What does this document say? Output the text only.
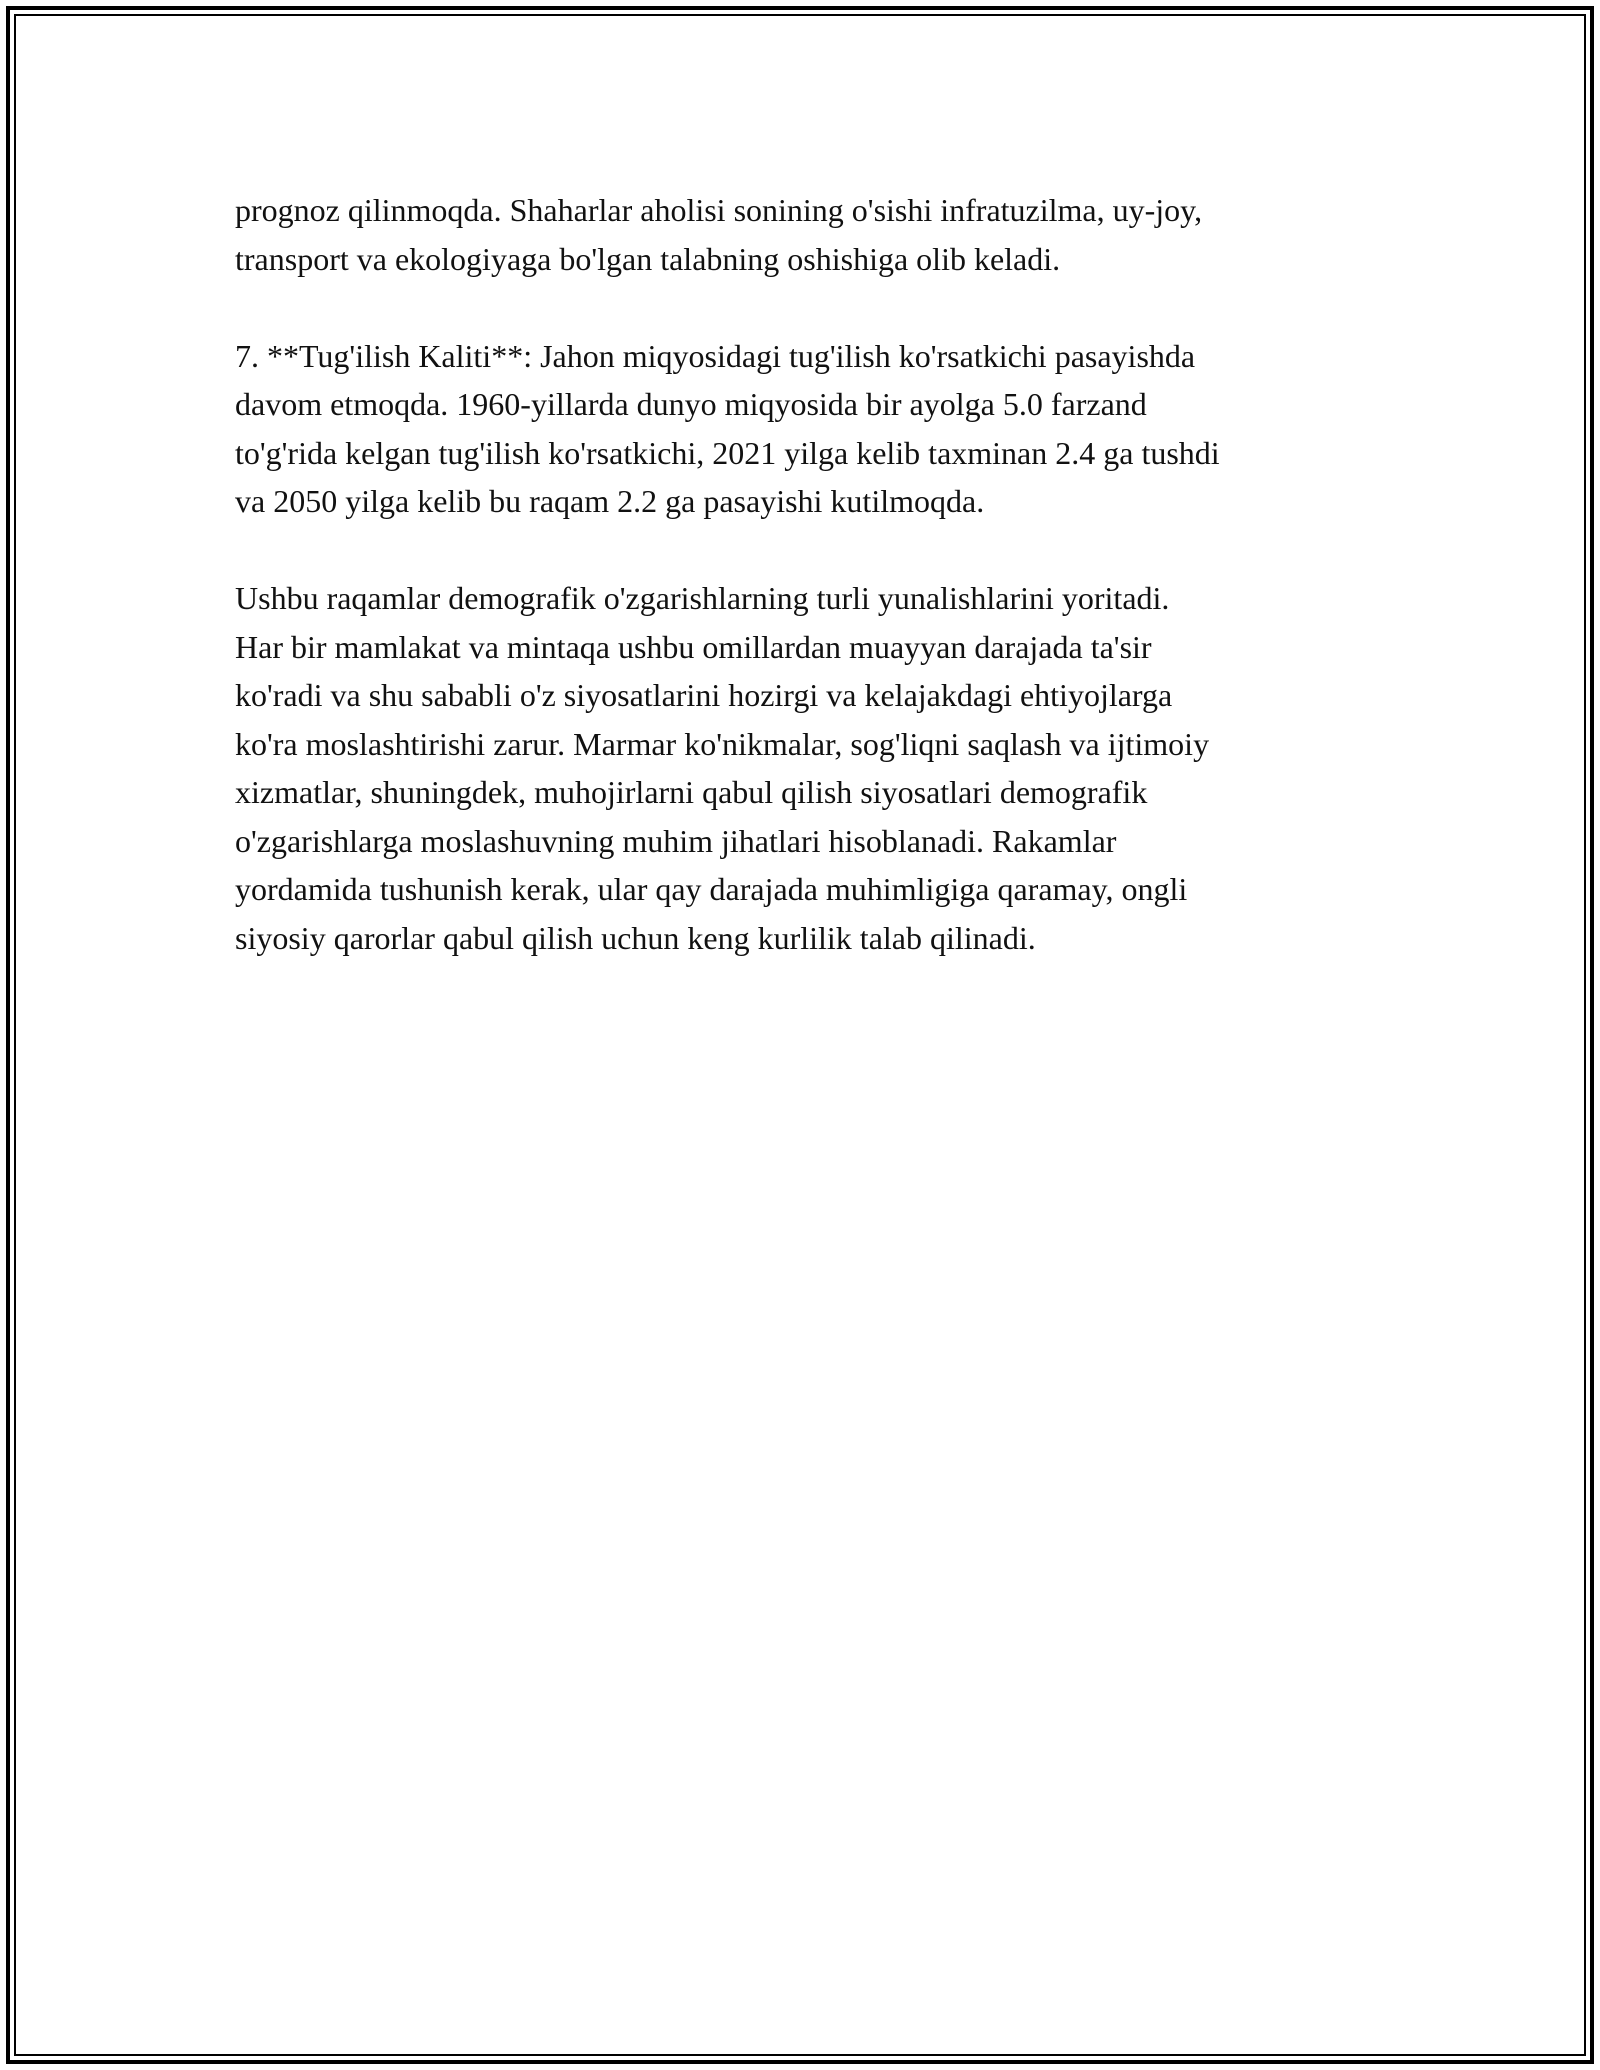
prognoz qilinmoqda. Shaharlar aholisi sonining o'sishi infratuzilma, uy-joy,
transport va ekologiyaga bo'lgan talabning oshishiga olib keladi.

7. **Tug'ilish Kaliti**: Jahon miqyosidagi tug'ilish ko'rsatkichi pasayishda
davom etmoqda. 1960-yillarda dunyo miqyosida bir ayolga 5.0 farzand
to'g'rida kelgan tug'ilish ko'rsatkichi, 2021 yilga kelib taxminan 2.4 ga tushdi
va 2050 yilga kelib bu raqam 2.2 ga pasayishi kutilmoqda.

Ushbu raqamlar demografik o'zgarishlarning turli yunalishlarini yoritadi.
Har bir mamlakat va mintaqa ushbu omillardan muayyan darajada ta'sir
ko'radi va shu sababli o'z siyosatlarini hozirgi va kelajakdagi ehtiyojlarga
ko'ra moslashtirishi zarur. Marmar ko'nikmalar, sog'liqni saqlash va ijtimoiy
xizmatlar, shuningdek, muhojirlarni qabul qilish siyosatlari demografik
o'zgarishlarga moslashuvning muhim jihatlari hisoblanadi. Rakamlar
yordamida tushunish kerak, ular qay darajada muhimligiga qaramay, ongli
siyosiy qarorlar qabul qilish uchun keng kurlilik talab qilinadi.
